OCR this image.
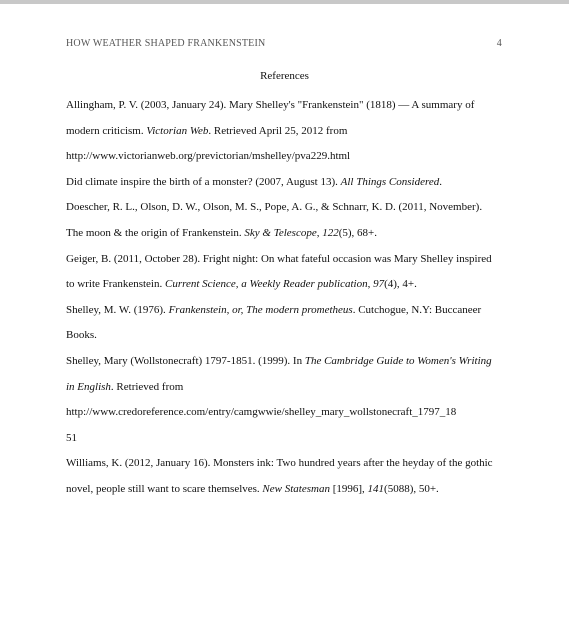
HOW WEATHER SHAPED FRANKENSTEIN	4
References
Allingham, P. V. (2003, January 24). Mary Shelley's "Frankenstein" (1818) — A summary of
modern criticism. Victorian Web. Retrieved April 25, 2012 from
http://www.victorianweb.org/previctorian/mshelley/pva229.html
Did climate inspire the birth of a monster? (2007, August 13). All Things Considered.
Doescher, R. L., Olson, D. W., Olson, M. S., Pope, A. G., & Schnarr, K. D. (2011, November).
The moon & the origin of Frankenstein. Sky & Telescope, 122(5), 68+.
Geiger, B. (2011, October 28). Fright night: On what fateful occasion was Mary Shelley inspired
to write Frankenstein. Current Science, a Weekly Reader publication, 97(4), 4+.
Shelley, M. W. (1976). Frankenstein, or, The modern prometheus. Cutchogue, N.Y: Buccaneer
Books.
Shelley, Mary (Wollstonecraft) 1797-1851. (1999). In The Cambridge Guide to Women's Writing
in English. Retrieved from
http://www.credoreference.com/entry/camgwwie/shelley_mary_wollstonecraft_1797_18
51
Williams, K. (2012, January 16). Monsters ink: Two hundred years after the heyday of the gothic
novel, people still want to scare themselves. New Statesman [1996], 141(5088), 50+.
